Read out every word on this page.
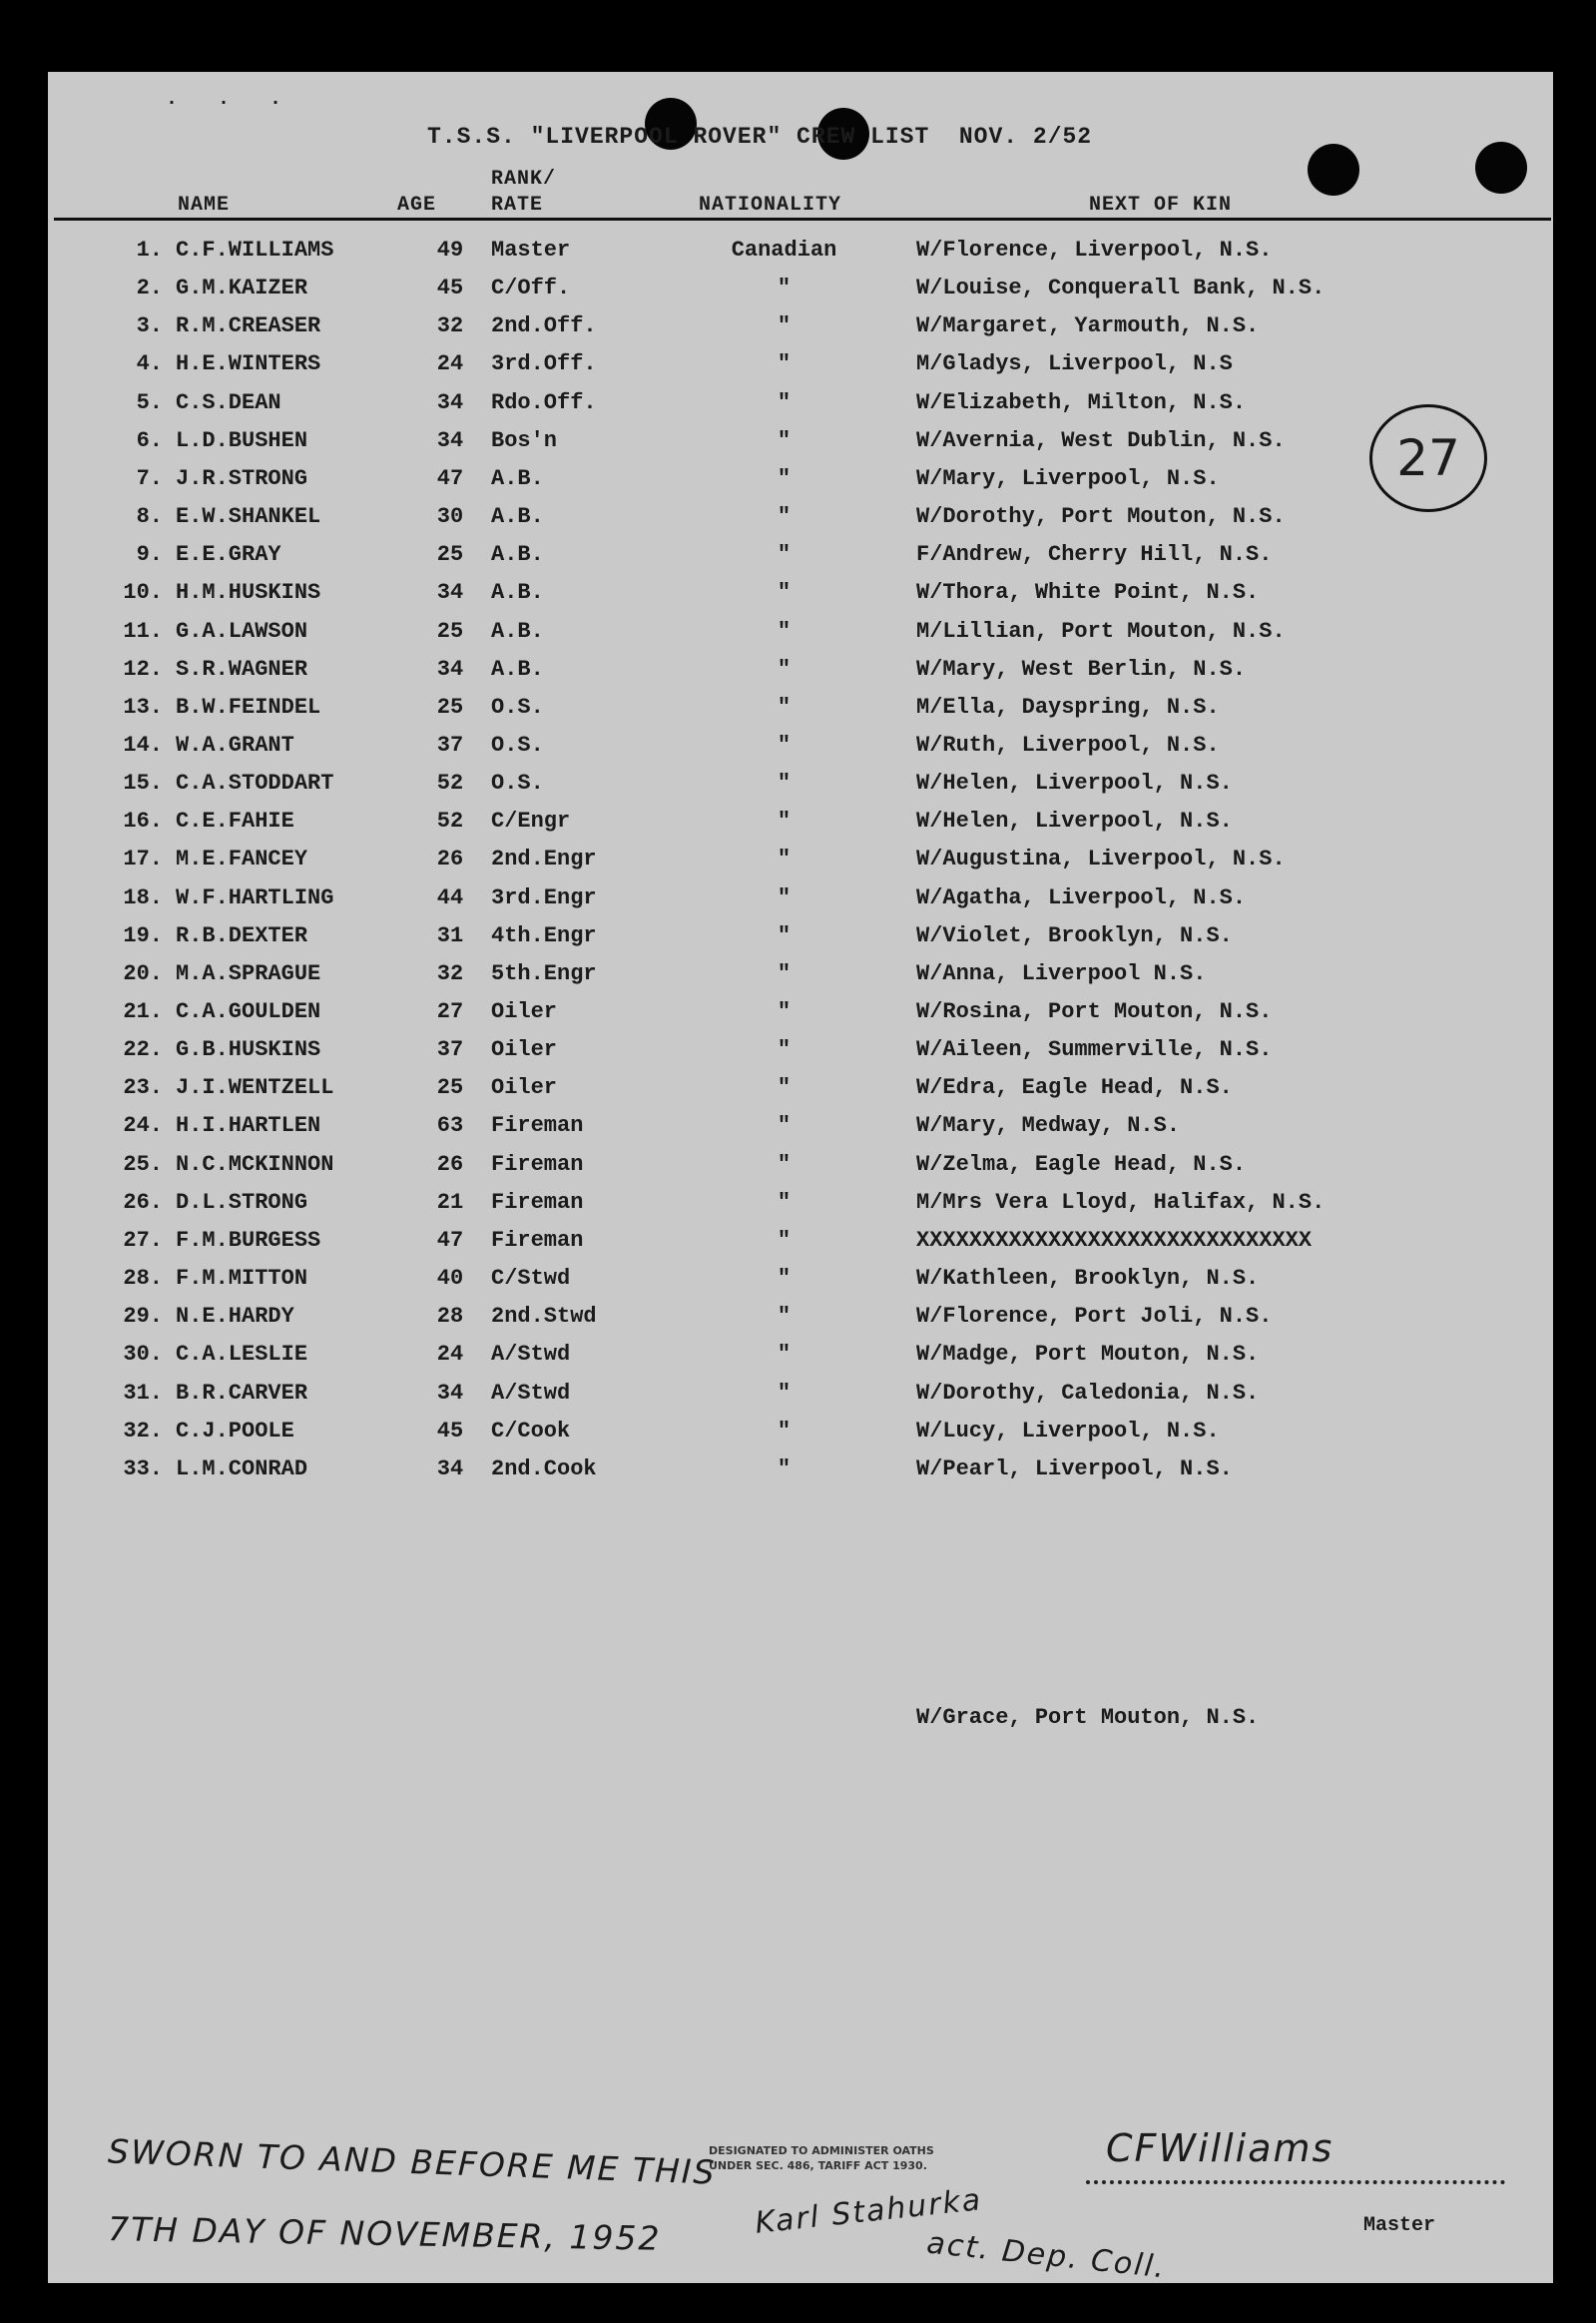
· · ·
T.S.S. "LIVERPOOL ROVER" CREW LIST  NOV. 2/52
NAME	AGE
RANK/
RATE	NATIONALITY	NEXT OF KIN
27
1. C.F.WILLIAMS	49	Master	Canadian	W/Florence, Liverpool, N.S.
2. G.M.KAIZER	45	C/Off.	"	W/Louise, Conquerall Bank, N.S.
3. R.M.CREASER	32	2nd.Off.	"	W/Margaret, Yarmouth, N.S.
4. H.E.WINTERS	24	3rd.Off.	"	M/Gladys, Liverpool, N.S
5. C.S.DEAN	34	Rdo.Off.	"	W/Elizabeth, Milton, N.S.
6. L.D.BUSHEN	34	Bos'n	"	W/Avernia, West Dublin, N.S.
7. J.R.STRONG	47	A.B.	"	W/Mary, Liverpool, N.S.
8. E.W.SHANKEL	30	A.B.	"	W/Dorothy, Port Mouton, N.S.
9. E.E.GRAY	25	A.B.	"	F/Andrew, Cherry Hill, N.S.
10. H.M.HUSKINS	34	A.B.	"	W/Thora, White Point, N.S.
11. G.A.LAWSON	25	A.B.	"	M/Lillian, Port Mouton, N.S.
12. S.R.WAGNER	34	A.B.	"	W/Mary, West Berlin, N.S.
13. B.W.FEINDEL	25	O.S.	"	M/Ella, Dayspring, N.S.
14. W.A.GRANT	37	O.S.	"	W/Ruth, Liverpool, N.S.
15. C.A.STODDART	52	O.S.	"	W/Helen, Liverpool, N.S.
16. C.E.FAHIE	52	C/Engr	"	W/Helen, Liverpool, N.S.
17. M.E.FANCEY	26	2nd.Engr	"	W/Augustina, Liverpool, N.S.
18. W.F.HARTLING	44	3rd.Engr	"	W/Agatha, Liverpool, N.S.
19. R.B.DEXTER	31	4th.Engr	"	W/Violet, Brooklyn, N.S.
20. M.A.SPRAGUE	32	5th.Engr	"	W/Anna, Liverpool N.S.
21. C.A.GOULDEN	27	Oiler	"	W/Rosina, Port Mouton, N.S.
22. G.B.HUSKINS	37	Oiler	"	W/Aileen, Summerville, N.S.
23. J.I.WENTZELL	25	Oiler	"	W/Edra, Eagle Head, N.S.
24. H.I.HARTLEN	63	Fireman	"	W/Mary, Medway, N.S.
25. N.C.MCKINNON	26	Fireman	"	W/Zelma, Eagle Head, N.S.
26. D.L.STRONG	21	Fireman	"	M/Mrs Vera Lloyd, Halifax, N.S.
27. F.M.BURGESS	47	Fireman	"	XXXXXXXXXXXXXXXXXXXXXXXXXXXXXX
28. F.M.MITTON	40	C/Stwd	"	W/Kathleen, Brooklyn, N.S.
29. N.E.HARDY	28	2nd.Stwd	"	W/Florence, Port Joli, N.S.
30. C.A.LESLIE	24	A/Stwd	"	W/Madge, Port Mouton, N.S.
31. B.R.CARVER	34	A/Stwd	"	W/Dorothy, Caledonia, N.S.
32. C.J.POOLE	45	C/Cook	"	W/Lucy, Liverpool, N.S.
33. L.M.CONRAD	34	2nd.Cook	"	W/Pearl, Liverpool, N.S.
W/Grace, Port Mouton, N.S.
SWORN TO AND BEFORE ME THIS
7TH DAY OF NOVEMBER, 1952
DESIGNATED TO ADMINISTER OATHS
UNDER SEC. 486, TARIFF ACT 1930.
Karl Stahurka
act. Dep. Coll.
CFWilliams
Master
